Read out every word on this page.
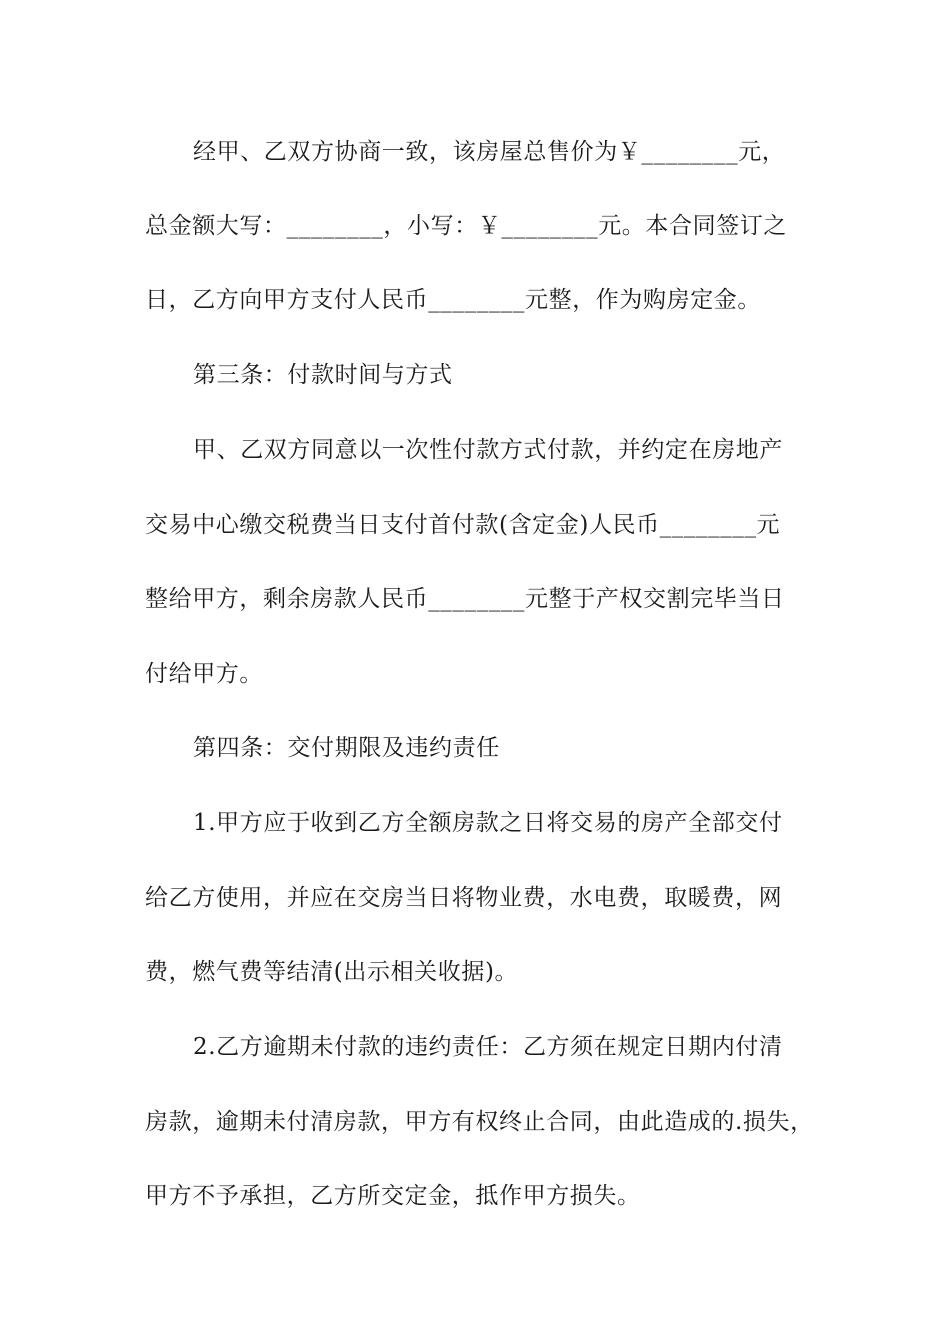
经甲、乙双方协商一致，该房屋总售价为￥________元，
总金额大写：________，小写：￥________元。本合同签订之
日，乙方向甲方支付人民币________元整，作为购房定金。
第三条：付款时间与方式
甲、乙双方同意以一次性付款方式付款，并约定在房地产
交易中心缴交税费当日支付首付款(含定金)人民币________元
整给甲方，剩余房款人民币________元整于产权交割完毕当日
付给甲方。
第四条：交付期限及违约责任
1.甲方应于收到乙方全额房款之日将交易的房产全部交付
给乙方使用，并应在交房当日将物业费，水电费，取暖费，网
费，燃气费等结清(出示相关收据)。
2.乙方逾期未付款的违约责任：乙方须在规定日期内付清
房款，逾期未付清房款，甲方有权终止合同，由此造成的.损失，
甲方不予承担，乙方所交定金，抵作甲方损失。
